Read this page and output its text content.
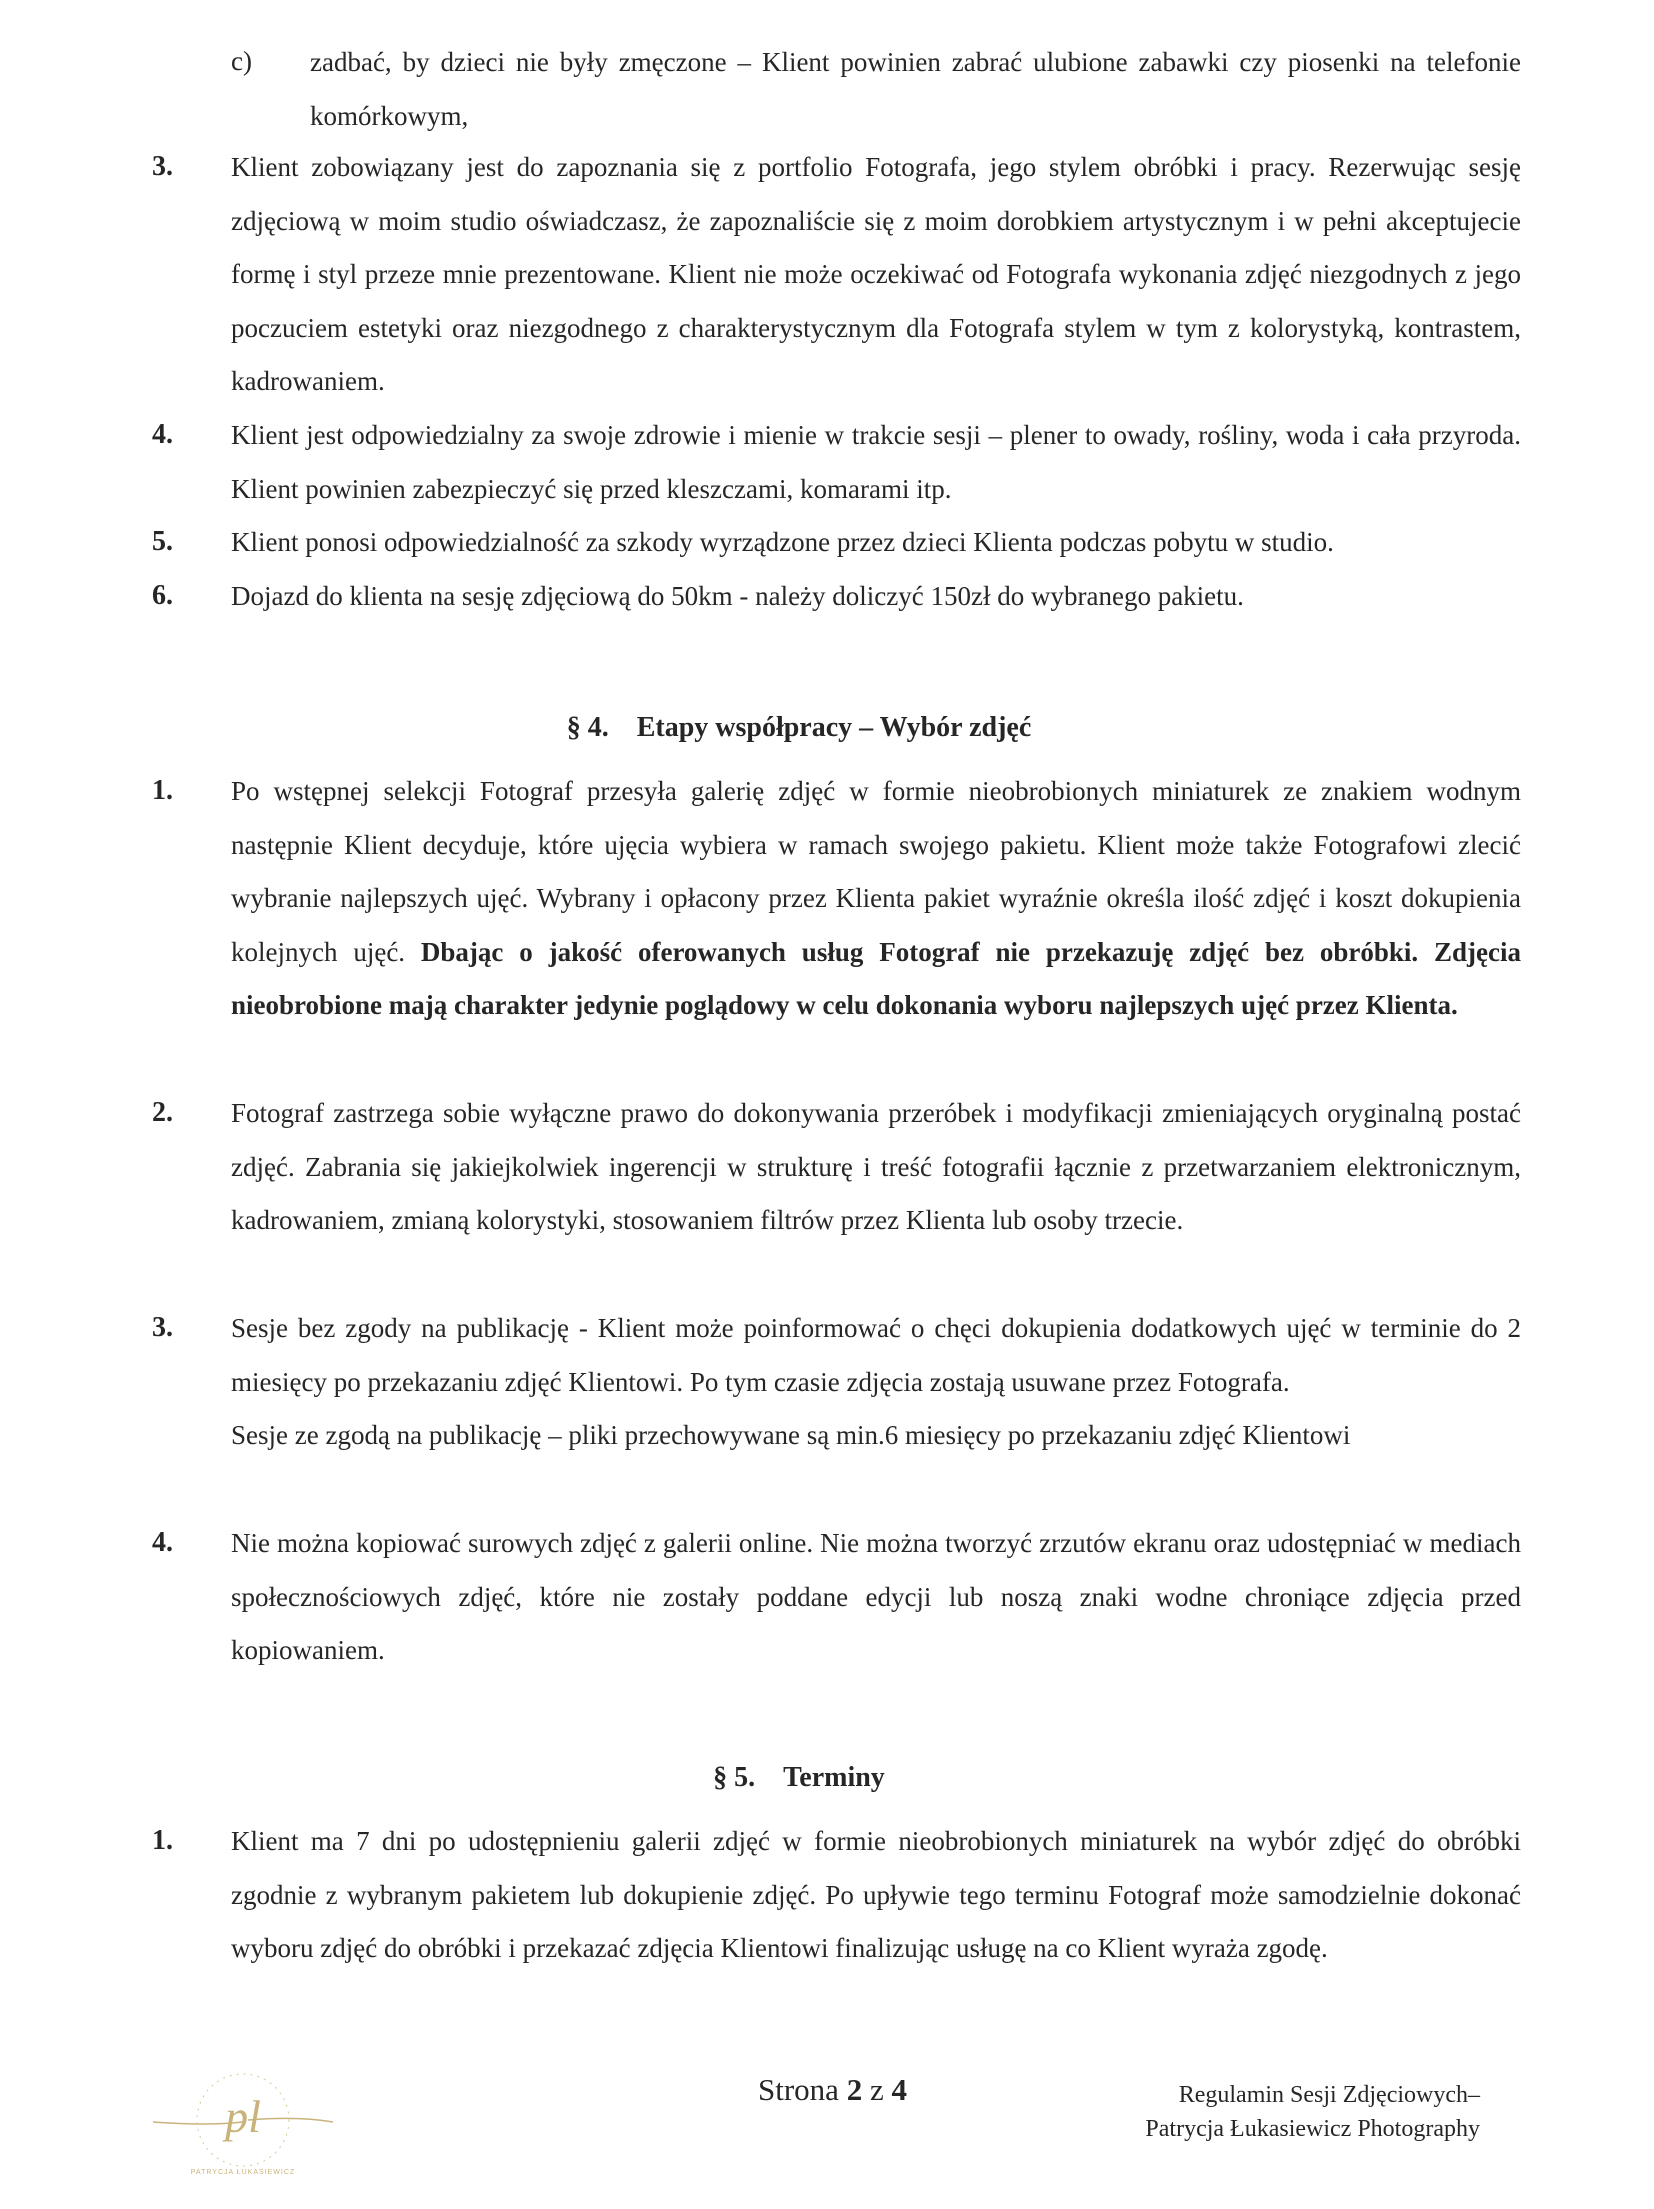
c) zadbać, by dzieci nie były zmęczone – Klient powinien zabrać ulubione zabawki czy piosenki na telefonie komórkowym,
3. Klient zobowiązany jest do zapoznania się z portfolio Fotografa, jego stylem obróbki i pracy. Rezerwując sesję zdjęciową w moim studio oświadczasz, że zapoznaliście się z moim dorobkiem artystycznym i w pełni akceptujecie formę i styl przeze mnie prezentowane. Klient nie może oczekiwać od Fotografa wykonania zdjęć niezgodnych z jego poczuciem estetyki oraz niezgodnego z charakterystycznym dla Fotografa stylem w tym z kolorystyką, kontrastem, kadrowaniem.
4. Klient jest odpowiedzialny za swoje zdrowie i mienie w trakcie sesji – plener to owady, rośliny, woda i cała przyroda. Klient powinien zabezpieczyć się przed kleszczami, komarami itp.
5. Klient ponosi odpowiedzialność za szkody wyrządzone przez dzieci Klienta podczas pobytu w studio.
6. Dojazd do klienta na sesję zdjęciową do 50km - należy doliczyć 150zł do wybranego pakietu.
§ 4. Etapy współpracy – Wybór zdjęć
1. Po wstępnej selekcji Fotograf przesyła galerię zdjęć w formie nieobrobionych miniaturek ze znakiem wodnym następnie Klient decyduje, które ujęcia wybiera w ramach swojego pakietu. Klient może także Fotografowi zlecić wybranie najlepszych ujęć. Wybrany i opłacony przez Klienta pakiet wyraźnie określa ilość zdjęć i koszt dokupienia kolejnych ujęć. Dbając o jakość oferowanych usług Fotograf nie przekazuję zdjęć bez obróbki. Zdjęcia nieobrobione mają charakter jedynie poglądowy w celu dokonania wyboru najlepszych ujęć przez Klienta.
2. Fotograf zastrzega sobie wyłączne prawo do dokonywania przeróbek i modyfikacji zmieniających oryginalną postać zdjęć. Zabrania się jakiejkolwiek ingerencji w strukturę i treść fotografii łącznie z przetwarzaniem elektronicznym, kadrowaniem, zmianą kolorystyki, stosowaniem filtrów przez Klienta lub osoby trzecie.
3. Sesje bez zgody na publikację - Klient może poinformować o chęci dokupienia dodatkowych ujęć w terminie do 2 miesięcy po przekazaniu zdjęć Klientowi. Po tym czasie zdjęcia zostają usuwane przez Fotografa.
Sesje ze zgodą na publikację – pliki przechowywane są min.6 miesięcy po przekazaniu zdjęć Klientowi
4. Nie można kopiować surowych zdjęć z galerii online. Nie można tworzyć zrzutów ekranu oraz udostępniać w mediach społecznościowych zdjęć, które nie zostały poddane edycji lub noszą znaki wodne chroniące zdjęcia przed kopiowaniem.
§ 5. Terminy
1. Klient ma 7 dni po udostępnieniu galerii zdjęć w formie nieobrobionych miniaturek na wybór zdjęć do obróbki zgodnie z wybranym pakietem lub dokupienie zdjęć. Po upływie tego terminu Fotograf może samodzielnie dokonać wyboru zdjęć do obróbki i przekazać zdjęcia Klientowi finalizując usługę na co Klient wyraża zgodę.
pl
PATRYCJA ŁUKASIEWICZ
Strona 2 z 4	Regulamin Sesji Zdjęciowych–
Patrycja Łukasiewicz Photography
